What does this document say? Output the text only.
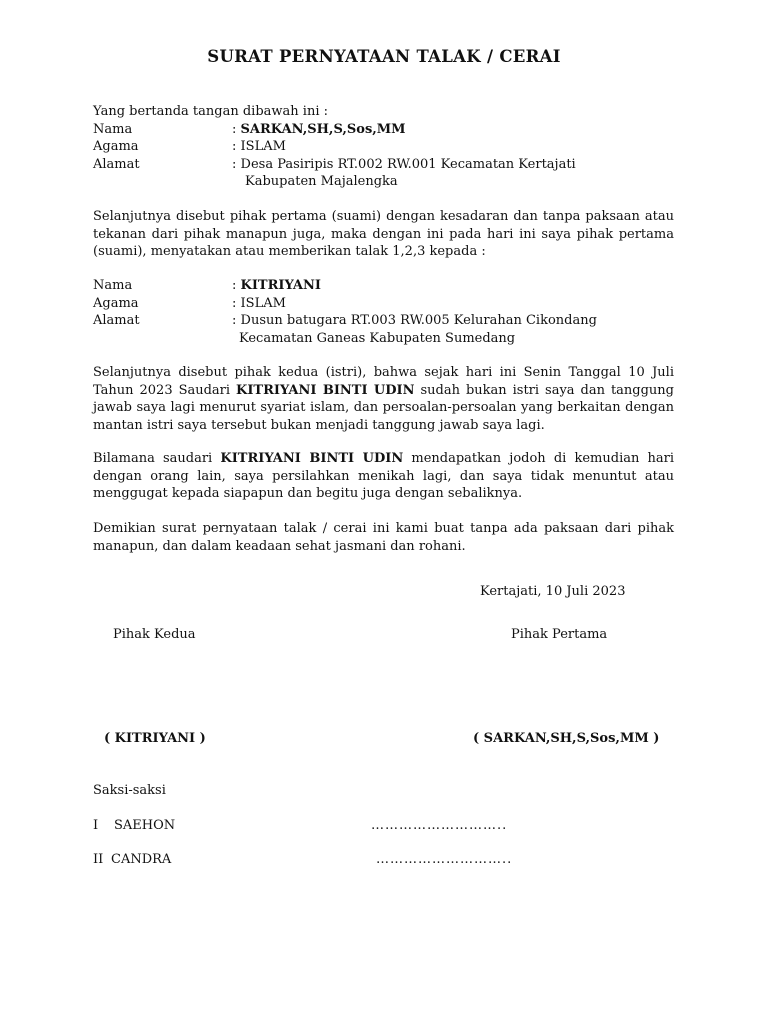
SURAT PERNYATAAN TALAK / CERAI
Yang bertanda tangan dibawah ini :
Nama	: SARKAN,SH,S,Sos,MM
Agama	: ISLAM
Alamat	: Desa Pasiripis RT.002 RW.001 Kecamatan Kertajati
Kabupaten Majalengka
Selanjutnya disebut pihak pertama (suami) dengan kesadaran dan tanpa paksaan atau tekanan dari pihak manapun juga, maka dengan ini pada hari ini saya pihak pertama (suami), menyatakan atau memberikan talak 1,2,3 kepada :
Nama	: KITRIYANI
Agama	: ISLAM
Alamat	: Dusun batugara RT.003 RW.005 Kelurahan Cikondang
Kecamatan Ganeas Kabupaten Sumedang
Selanjutnya disebut pihak kedua (istri), bahwa sejak hari ini Senin Tanggal 10 Juli Tahun 2023 Saudari KITRIYANI BINTI UDIN sudah bukan istri saya dan tanggung jawab saya lagi menurut syariat islam, dan persoalan-persoalan yang berkaitan dengan mantan istri saya tersebut bukan menjadi tanggung jawab saya lagi.
Bilamana saudari KITRIYANI BINTI UDIN mendapatkan jodoh di kemudian hari dengan orang lain, saya persilahkan menikah lagi, dan saya tidak menuntut atau menggugat kepada siapapun dan begitu juga dengan sebaliknya.
Demikian surat pernyataan talak / cerai ini kami buat tanpa ada paksaan dari pihak manapun, dan dalam keadaan sehat jasmani dan rohani.
Kertajati, 10 Juli 2023
Pihak Kedua	Pihak Pertama
( KITRIYANI )	( SARKAN,SH,S,Sos,MM )
Saksi-saksi
I SAEHON	………………………..
II CANDRA	………………………..
